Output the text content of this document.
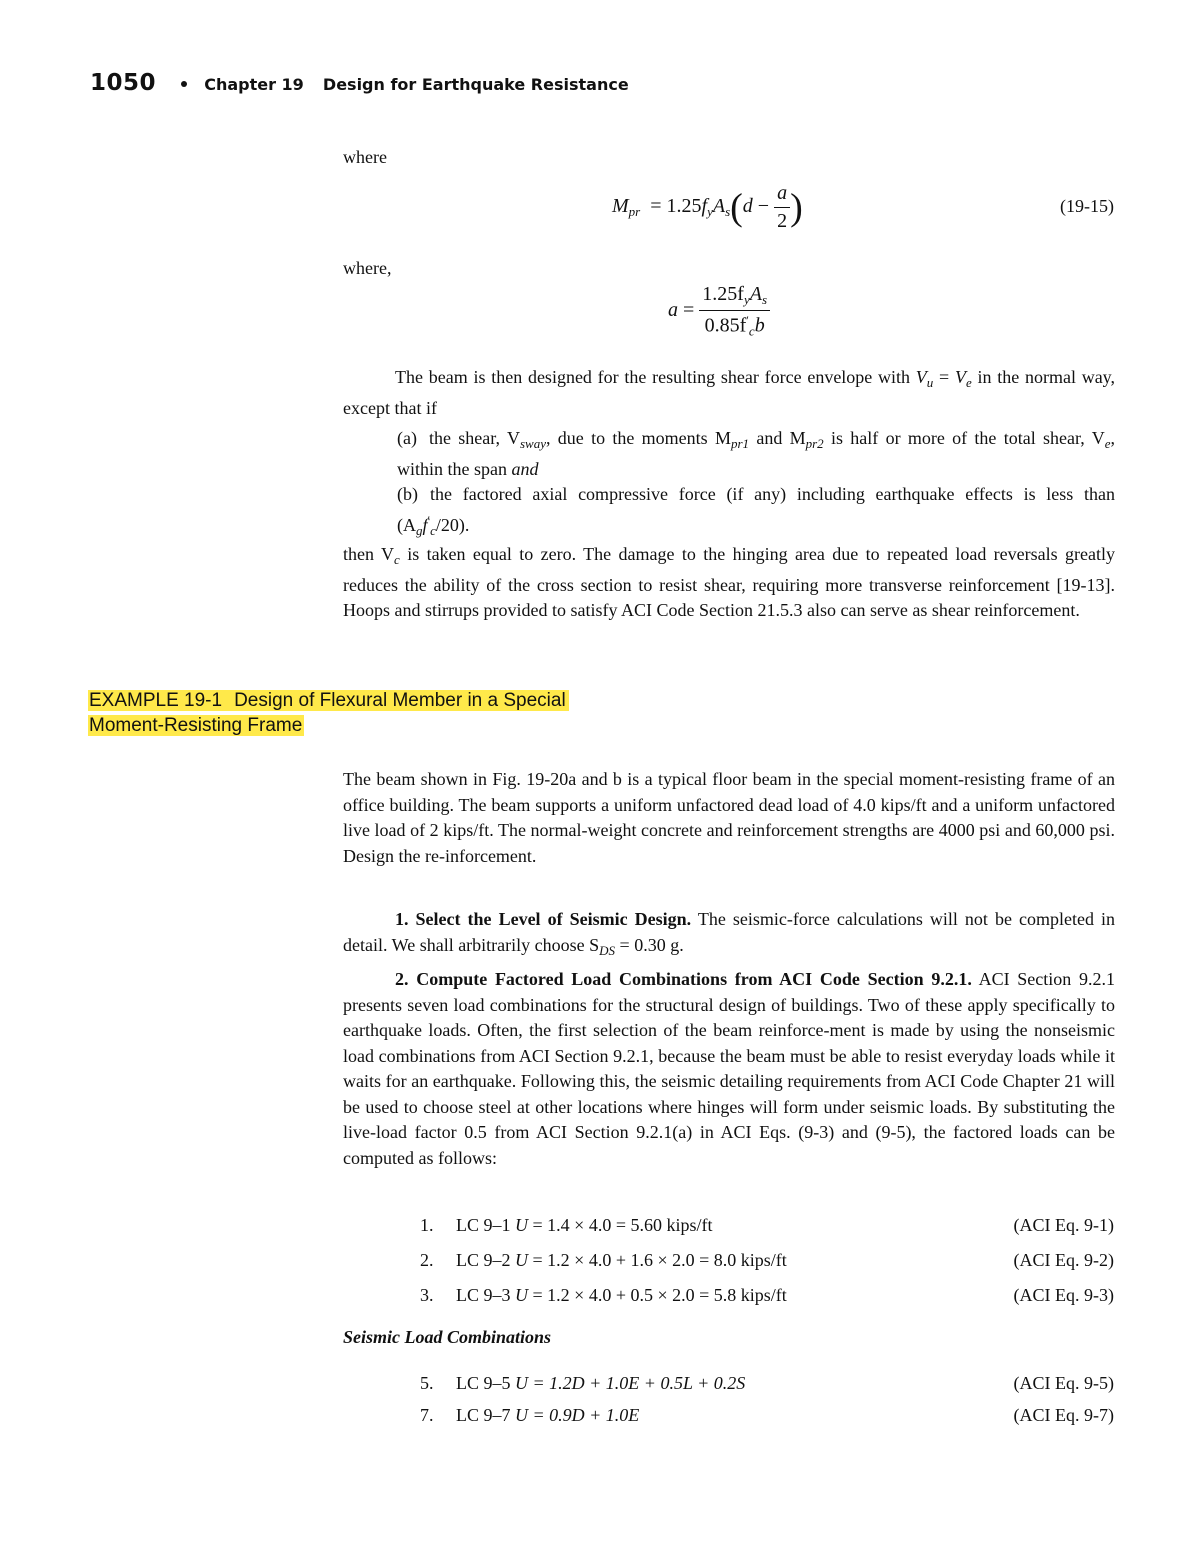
1050	Chapter 19 Design for Earthquake Resistance
where
$M_{pr} = 1.25f_yA_s(d - \frac{a}{2}$ )	(19-15)
where,
$a = \frac{1.25f_yA_s}{0.85f'_cb}$
The beam is then designed for the resulting shear force envelope with $V_u = V_e$ in the normal way, except that if
(a) the shear, $V_{sway}$, due to the moments $M_{pr1}$ and $M_{pr2}$ is half or more of the total shear, $V_e$, within the span and
(b) the factored axial compressive force (if any) including earthquake effects is less than $(A_gf'_c/20)$.
then $V_c$ is taken equal to zero. The damage to the hinging area due to repeated load reversals greatly reduces the ability of the cross section to resist shear, requiring more transverse reinforcement [19-13]. Hoops and stirrups provided to satisfy ACI Code Section 21.5.3 also can serve as shear reinforcement.
EXAMPLE 19-1 Design of Flexural Member in a Special
Moment-Resisting Frame
The beam shown in Fig. 19-20a and b is a typical floor beam in the special moment-resisting frame of an office building. The beam supports a uniform unfactored dead load of 4.0 kips/ft and a uniform unfactored live load of 2 kips/ft. The normal-weight concrete and reinforcement strengths are 4000 psi and 60,000 psi. Design the re-inforcement.
1. Select the Level of Seismic Design. The seismic-force calculations will not be completed in detail. We shall arbitrarily choose $S_{DS} = 0.30$ g.
2. Compute Factored Load Combinations from ACI Code Section 9.2.1. ACI Section 9.2.1 presents seven load combinations for the structural design of buildings. Two of these apply specifically to earthquake loads. Often, the first selection of the beam reinforce-ment is made by using the nonseismic load combinations from ACI Section 9.2.1, because the beam must be able to resist everyday loads while it waits for an earthquake. Following this, the seismic detailing requirements from ACI Code Chapter 21 will be used to choose steel at other locations where hinges will form under seismic loads. By substituting the live-load factor 0.5 from ACI Section 9.2.1(a) in ACI Eqs. (9-3) and (9-5), the factored loads can be computed as follows:
1. LC 9–1 U = 1.4 × 4.0 = 5.60 kips/ft	(ACI Eq. 9-1)
2. LC 9–2 U = 1.2 × 4.0 + 1.6 × 2.0 = 8.0 kips/ft	(ACI Eq. 9-2)
3. LC 9–3 U = 1.2 × 4.0 + 0.5 × 2.0 = 5.8 kips/ft	(ACI Eq. 9-3)
Seismic Load Combinations
5. LC 9–5 U = 1.2D + 1.0E + 0.5L + 0.2S	(ACI Eq. 9-5)
7. LC 9–7 U = 0.9D + 1.0E	(ACI Eq. 9-7)
